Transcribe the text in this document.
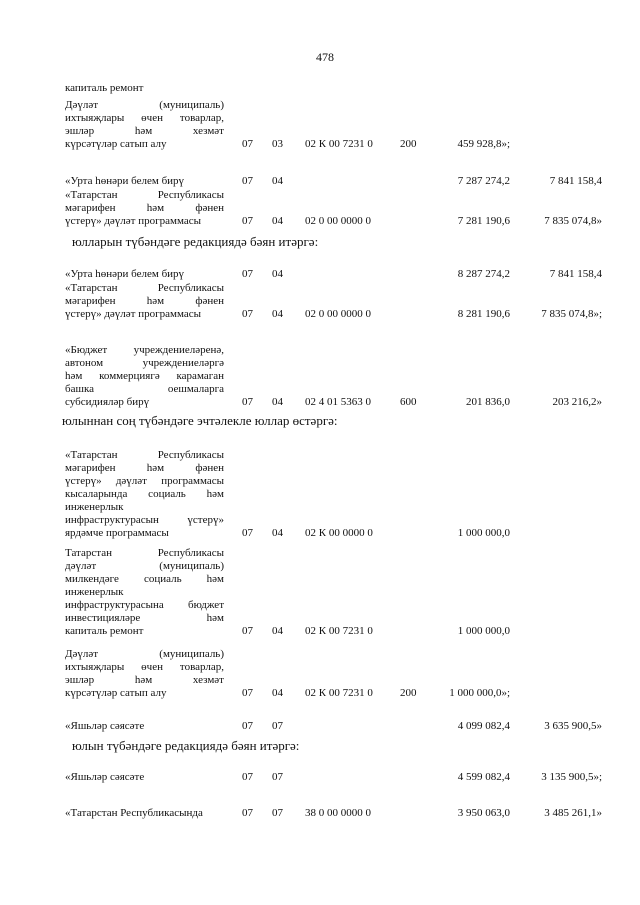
478
капиталь ремонт
Дәүләт (муниципаль)
ихтыяҗлары өчен товарлар,
эшләр һәм хезмәт
күрсәтүләр сатып алу	07 03 02 К 00 7231 0 200	459 928,8»;
«Урта һөнәри белем бирү	07 04	7 287 274,2	7 841 158,4
«Татарстан Республикасы
мәгарифен һәм фәнен
үстерү» дәүләт программасы	07 04 02 0 00 0000 0	7 281 190,6	7 835 074,8»
«Урта һөнәри белем бирү	07 04	8 287 274,2	7 841 158,4
«Татарстан Республикасы
мәгарифен һәм фәнен
үстерү» дәүләт программасы	07 04 02 0 00 0000 0	8 281 190,6	7 835 074,8»;
«Бюджет учреждениеләренә,
автоном учреждениеләргә
һәм коммерциягә карамаган
башка оешмаларга
субсидияләр бирү	07 04 02 4 01 5363 0	600	201 836,0	203 216,2»
«Татарстан Республикасы
мәгарифен һәм фәнен
үстерү» дәүләт программасы
кысаларында социаль һәм
инженерлык
инфраструктурасын үстерү»
ярдәмче программасы	07 04 02 К 00 0000 0	1 000 000,0
Татарстан Республикасы
дәүләт (муниципаль)
милкендәге социаль һәм
инженерлык
инфраструктурасына бюджет
инвестицияләре һәм
капиталь ремонт	07 04 02 К 00 7231 0	1 000 000,0
Дәүләт (муниципаль)
ихтыяҗлары өчен товарлар,
эшләр һәм хезмәт
күрсәтүләр сатып алу	07 04 02 К 00 7231 0 200	1 000 000,0»;
«Яшьләр сәясәте	07 07	4 099 082,4	3 635 900,5»
«Яшьләр сәясәте	07 07	4 599 082,4	3 135 900,5»;
«Татарстан Республикасында	07 07 38 0 00 0000 0	3 950 063,0	3 485 261,1»
юлларын түбәндәге редакциядә бәян итәргә:
юлыннан соң түбәндәге эчтәлекле юллар өстәргә:
юлын түбәндәге редакциядә бәян итәргә:
